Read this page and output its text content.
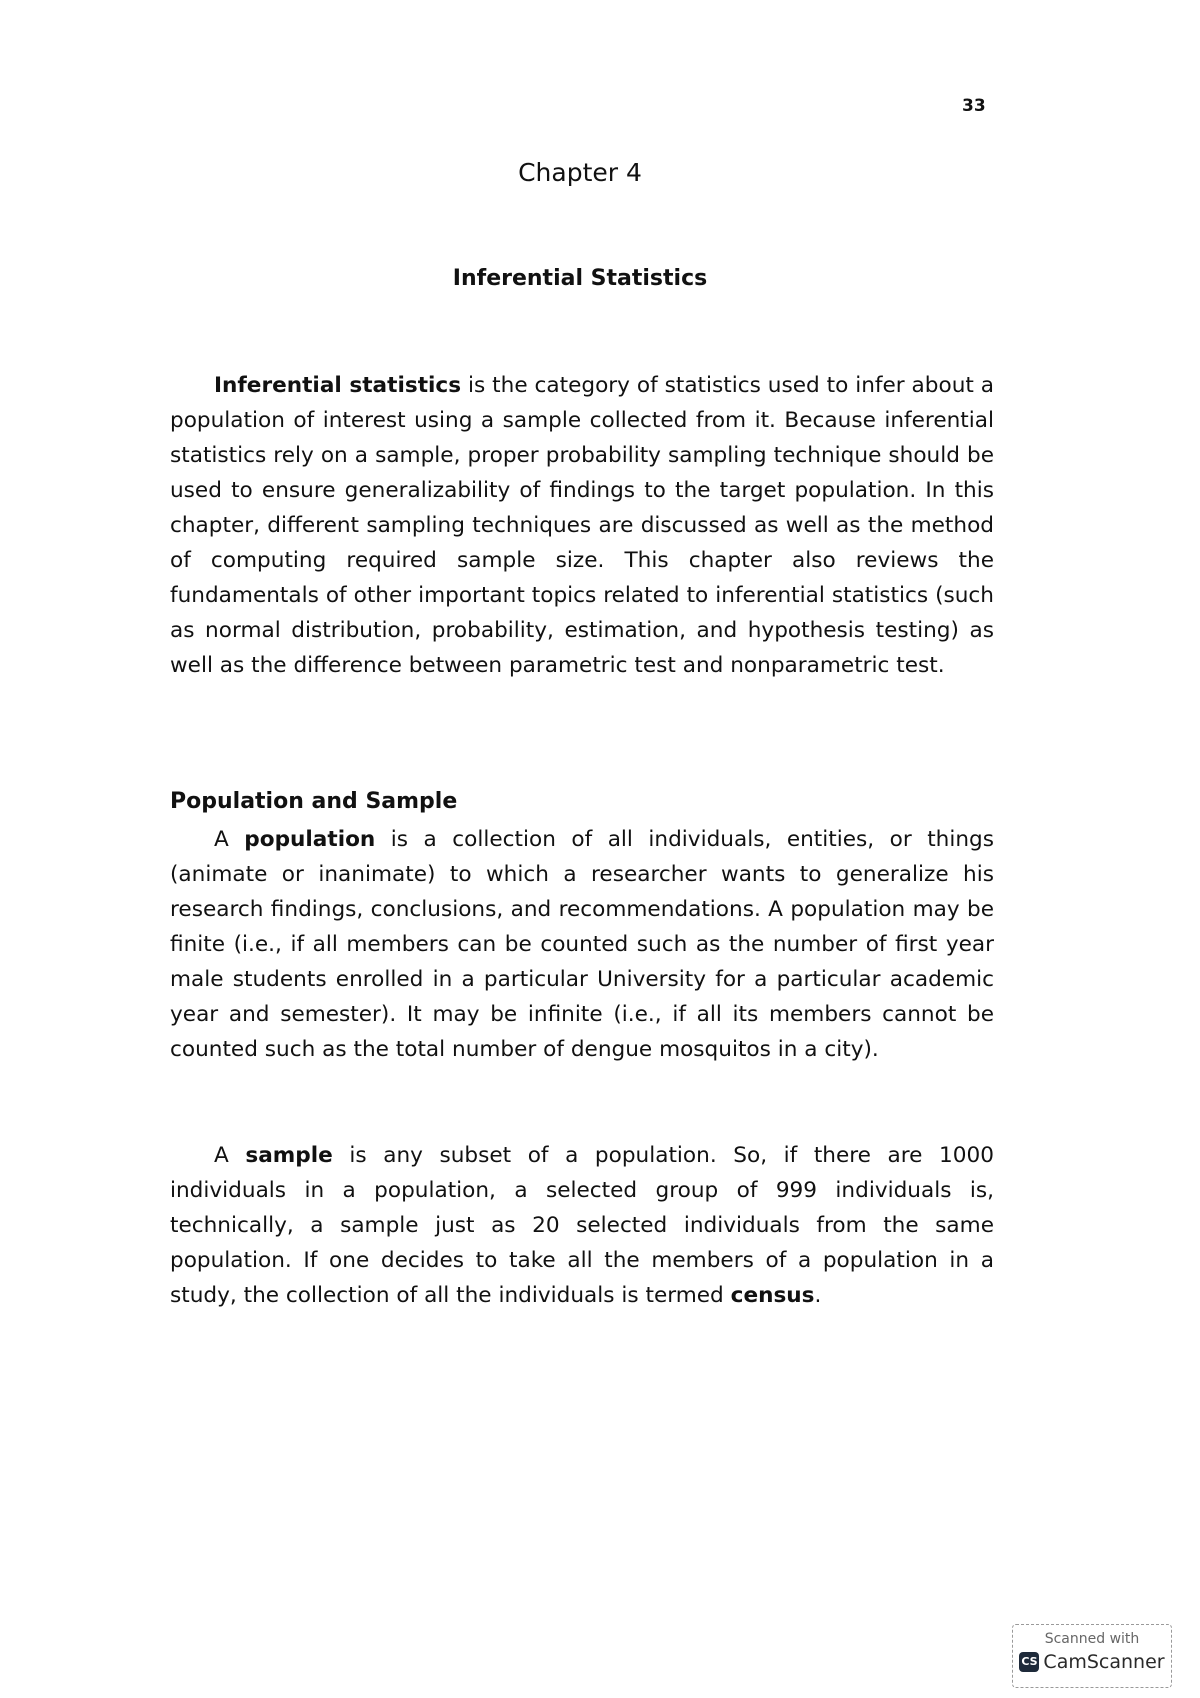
33
Chapter 4
Inferential Statistics

Inferential statistics is the category of statistics used to infer about a population of interest using a sample collected from it. Because inferential statistics rely on a sample, proper probability sampling technique should be used to ensure generalizability of findings to the target population. In this chapter, different sampling techniques are discussed as well as the method of computing required sample size. This chapter also reviews the fundamentals of other important topics related to inferential statistics (such as normal distribution, probability, estimation, and hypothesis testing) as well as the difference between parametric test and nonparametric test.

Population and Sample

A population is a collection of all individuals, entities, or things (animate or inanimate) to which a researcher wants to generalize his research findings, conclusions, and recommendations. A population may be finite (i.e., if all members can be counted such as the number of first year male students enrolled in a particular University for a particular academic year and semester). It may be infinite (i.e., if all its members cannot be counted such as the total number of dengue mosquitos in a city).

A sample is any subset of a population. So, if there are 1000 individuals in a population, a selected group of 999 individuals is, technically, a sample just as 20 selected individuals from the same population. If one decides to take all the members of a population in a study, the collection of all the individuals is termed census.

Scanned with
CS CamScanner
